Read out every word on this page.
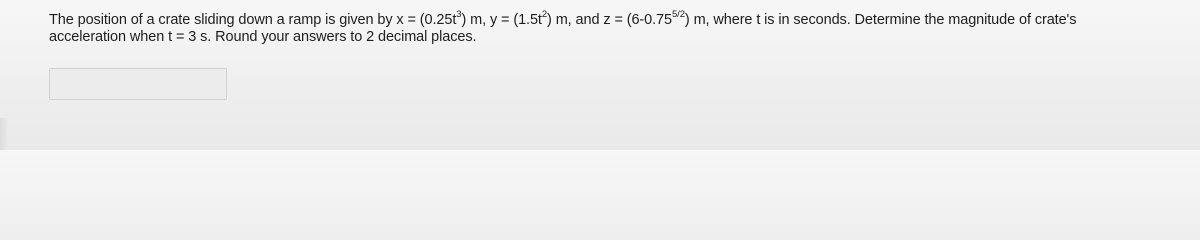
The position of a crate sliding down a ramp is given by $x = (0.25t^3)$ m, $y = (1.5t^2)$ m, and $z = (6-0.75^{5/2})$ m, where t is in seconds. Determine the magnitude of crate's
acceleration when t = 3 s. Round your answers to 2 decimal places.
